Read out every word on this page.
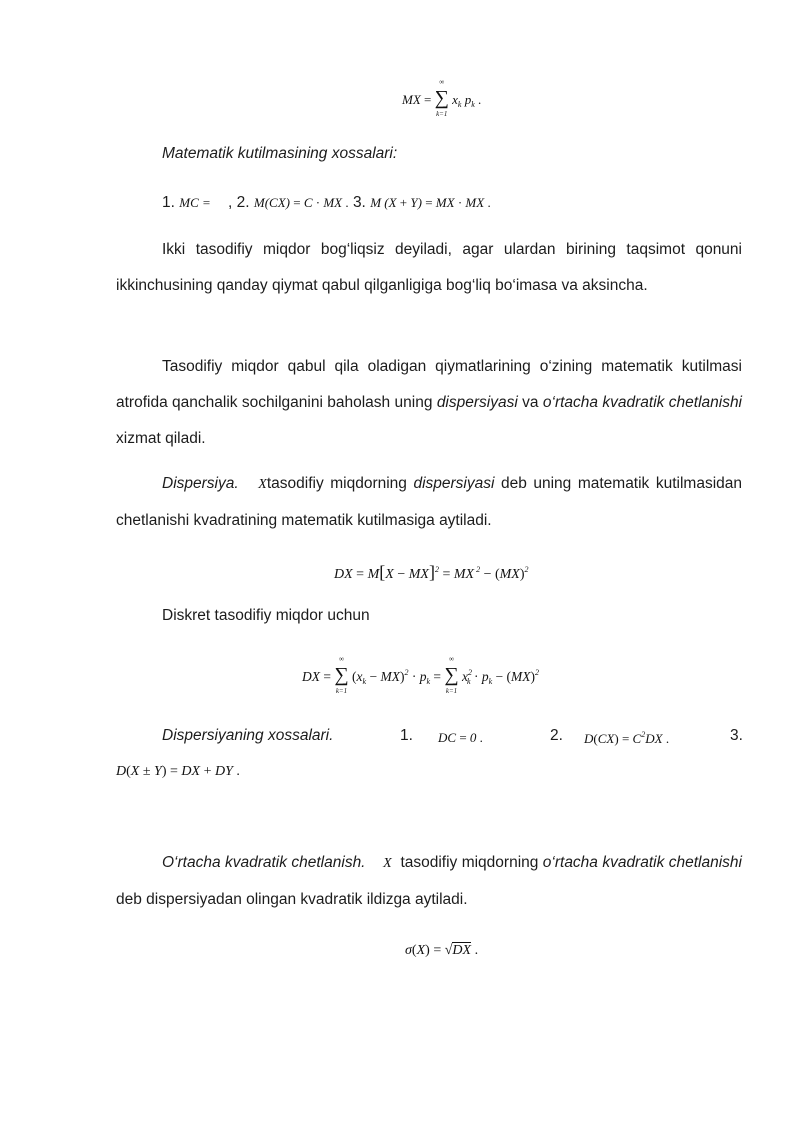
MX =
∞
∑
k=1
$x_k$ $p_k$ .
Matematik kutilmasining xossalari:
1. MC = , 2. M(CX) = C · MX . 3. M (X + Y) = MX · MX .
Ikki tasodifiy miqdor bog‘liqsiz deyiladi, agar ulardan birining taqsimot qonuni ikkinchusining qanday qiymat qabul qilganligiga bog‘liq bo‘imasa va aksincha.
Tasodifiy miqdor qabul qila oladigan qiymatlarining o‘zining matematik kutilmasi atrofida qanchalik sochilganini baholash uning dispersiyasi va o‘rtacha kvadratik chetlanishi xizmat qiladi.
Dispersiya. Xtasodifiy miqdorning dispersiyasi deb uning matematik kutilmasidan chetlanishi kvadratining matematik kutilmasiga aytiladi.
DX = M[X − MX]$^2$ = MX $^2$ − (MX)$^2$
Diskret tasodifiy miqdor uchun
DX =
∞
∑
k=1
$(x_k - MX)^2 \cdot p_k$ =
∞
∑
k=1
$x^2_k \cdot p_k - (MX)^2$
Dispersiyaning xossalari.	1. DC = 0 .	2. $D(CX) = C^2DX$ .	3.
D(X ± Y) = DX + DY .
O‘rtacha kvadratik chetlanish. X tasodifiy miqdorning o‘rtacha kvadratik chetlanishi deb dispersiyadan olingan kvadratik ildizga aytiladi.
σ(X) = √DX .
